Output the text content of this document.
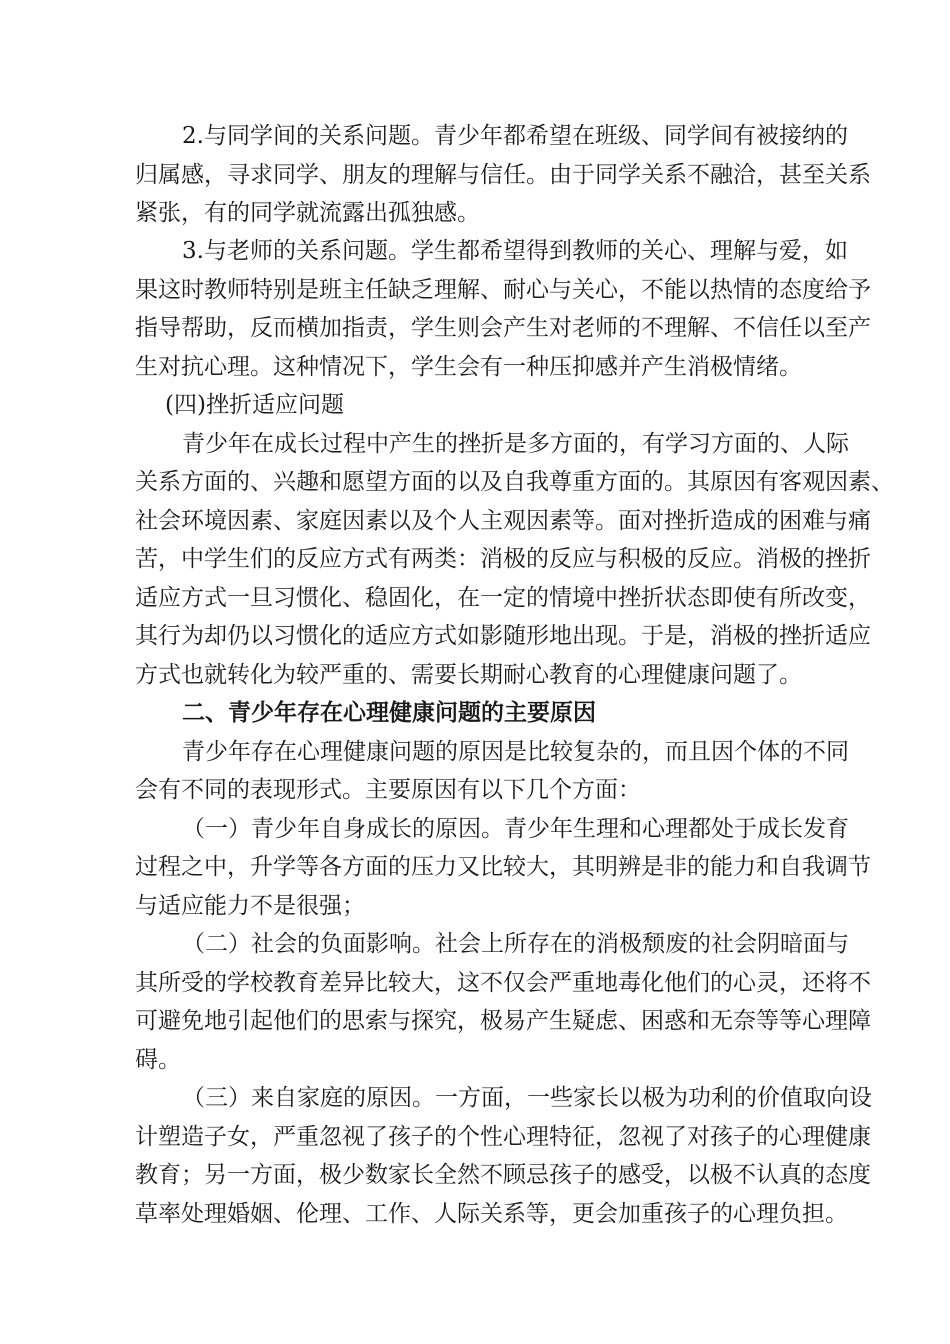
2.与同学间的关系问题。青少年都希望在班级、同学间有被接纳的

归属感，寻求同学、朋友的理解与信任。由于同学关系不融洽，甚至关系

紧张，有的同学就流露出孤独感。

3.与老师的关系问题。学生都希望得到教师的关心、理解与爱，如

果这时教师特别是班主任缺乏理解、耐心与关心，不能以热情的态度给予

指导帮助，反而横加指责，学生则会产生对老师的不理解、不信任以至产

生对抗心理。这种情况下，学生会有一种压抑感并产生消极情绪。

(四)挫折适应问题

青少年在成长过程中产生的挫折是多方面的，有学习方面的、人际

关系方面的、兴趣和愿望方面的以及自我尊重方面的。其原因有客观因素、

社会环境因素、家庭因素以及个人主观因素等。面对挫折造成的困难与痛

苦，中学生们的反应方式有两类：消极的反应与积极的反应。消极的挫折

适应方式一旦习惯化、稳固化，在一定的情境中挫折状态即使有所改变，

其行为却仍以习惯化的适应方式如影随形地出现。于是，消极的挫折适应

方式也就转化为较严重的、需要长期耐心教育的心理健康问题了。

二、青少年存在心理健康问题的主要原因

青少年存在心理健康问题的原因是比较复杂的，而且因个体的不同

会有不同的表现形式。主要原因有以下几个方面：

（一）青少年自身成长的原因。青少年生理和心理都处于成长发育

过程之中，升学等各方面的压力又比较大，其明辨是非的能力和自我调节

与适应能力不是很强；

（二）社会的负面影响。社会上所存在的消极颓废的社会阴暗面与

其所受的学校教育差异比较大，这不仅会严重地毒化他们的心灵，还将不

可避免地引起他们的思索与探究，极易产生疑虑、困惑和无奈等等心理障

碍。

（三）来自家庭的原因。一方面，一些家长以极为功利的价值取向设

计塑造子女，严重忽视了孩子的个性心理特征，忽视了对孩子的心理健康

教育；另一方面，极少数家长全然不顾忌孩子的感受，以极不认真的态度

草率处理婚姻、伦理、工作、人际关系等，更会加重孩子的心理负担。
